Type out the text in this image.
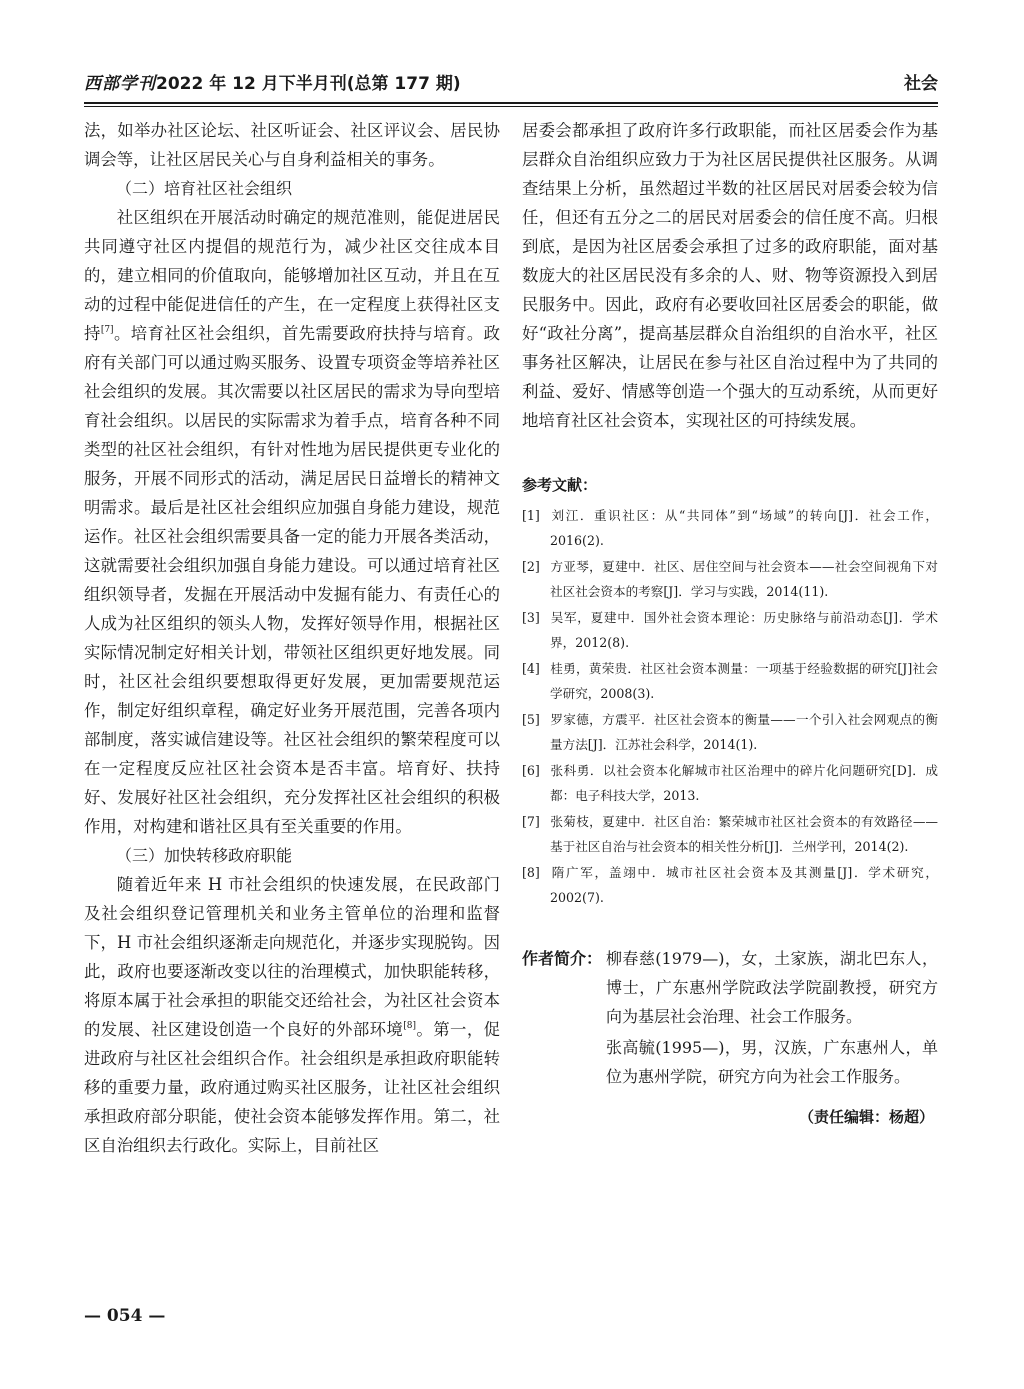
西部学刊2022 年 12 月下半月刊(总第 177 期)	社会

法，如举办社区论坛、社区听证会、社区评议会、居民协调会等，让社区居民关心与自身利益相关的事务。

（二）培育社区社会组织

社区组织在开展活动时确定的规范准则，能促进居民共同遵守社区内提倡的规范行为，减少社区交往成本目的，建立相同的价值取向，能够增加社区互动，并且在互动的过程中能促进信任的产生，在一定程度上获得社区支持[7]。培育社区社会组织，首先需要政府扶持与培育。政府有关部门可以通过购买服务、设置专项资金等培养社区社会组织的发展。其次需要以社区居民的需求为导向型培育社会组织。以居民的实际需求为着手点，培育各种不同类型的社区社会组织，有针对性地为居民提供更专业化的服务，开展不同形式的活动，满足居民日益增长的精神文明需求。最后是社区社会组织应加强自身能力建设，规范运作。社区社会组织需要具备一定的能力开展各类活动，这就需要社会组织加强自身能力建设。可以通过培育社区组织领导者，发掘在开展活动中发掘有能力、有责任心的人成为社区组织的领头人物，发挥好领导作用，根据社区实际情况制定好相关计划，带领社区组织更好地发展。同时，社区社会组织要想取得更好发展，更加需要规范运作，制定好组织章程，确定好业务开展范围，完善各项内部制度，落实诚信建设等。社区社会组织的繁荣程度可以在一定程度反应社区社会资本是否丰富。培育好、扶持好、发展好社区社会组织，充分发挥社区社会组织的积极作用，对构建和谐社区具有至关重要的作用。

（三）加快转移政府职能

随着近年来 H 市社会组织的快速发展，在民政部门及社会组织登记管理机关和业务主管单位的治理和监督下，H 市社会组织逐渐走向规范化，并逐步实现脱钩。因此，政府也要逐渐改变以往的治理模式，加快职能转移，将原本属于社会承担的职能交还给社会，为社区社会资本的发展、社区建设创造一个良好的外部环境[8]。第一，促进政府与社区社会组织合作。社会组织是承担政府职能转移的重要力量，政府通过购买社区服务，让社区社会组织承担政府部分职能，使社会资本能够发挥作用。第二，社区自治组织去行政化。实际上，目前社区

居委会都承担了政府许多行政职能，而社区居委会作为基层群众自治组织应致力于为社区居民提供社区服务。从调查结果上分析，虽然超过半数的社区居民对居委会较为信任，但还有五分之二的居民对居委会的信任度不高。归根到底，是因为社区居委会承担了过多的政府职能，面对基数庞大的社区居民没有多余的人、财、物等资源投入到居民服务中。因此，政府有必要收回社区居委会的职能，做好“政社分离”，提高基层群众自治组织的自治水平，社区事务社区解决，让居民在参与社区自治过程中为了共同的利益、爱好、情感等创造一个强大的互动系统，从而更好地培育社区社会资本，实现社区的可持续发展。

参考文献：

[1] 刘江．重识社区：从“共同体”到“场域”的转向[J]．社会工作，2016(2).

[2] 方亚琴，夏建中．社区、居住空间与社会资本——社会空间视角下对社区社会资本的考察[J]．学习与实践，2014(11).

[3] 吴军，夏建中．国外社会资本理论：历史脉络与前沿动态[J]．学术界，2012(8).

[4] 桂勇，黄荣贵．社区社会资本测量：一项基于经验数据的研究[J]社会学研究，2008(3).

[5] 罗家德，方震平．社区社会资本的衡量——一个引入社会网观点的衡量方法[J]．江苏社会科学，2014(1).

[6] 张科勇．以社会资本化解城市社区治理中的碎片化问题研究[D]．成都：电子科技大学，2013.

[7] 张菊枝，夏建中．社区自治：繁荣城市社区社会资本的有效路径——基于社区自治与社会资本的相关性分析[J]．兰州学刊，2014(2).

[8] 隋广军，盖翊中．城市社区社会资本及其测量[J]．学术研究，2002(7).

作者简介： 柳春慈(1979—)，女，土家族，湖北巴东人，博士，广东惠州学院政法学院副教授，研究方向为基层社会治理、社会工作服务。

张高毓(1995—)，男，汉族，广东惠州人，单位为惠州学院，研究方向为社会工作服务。

（责任编辑：杨超）
— 054 —
